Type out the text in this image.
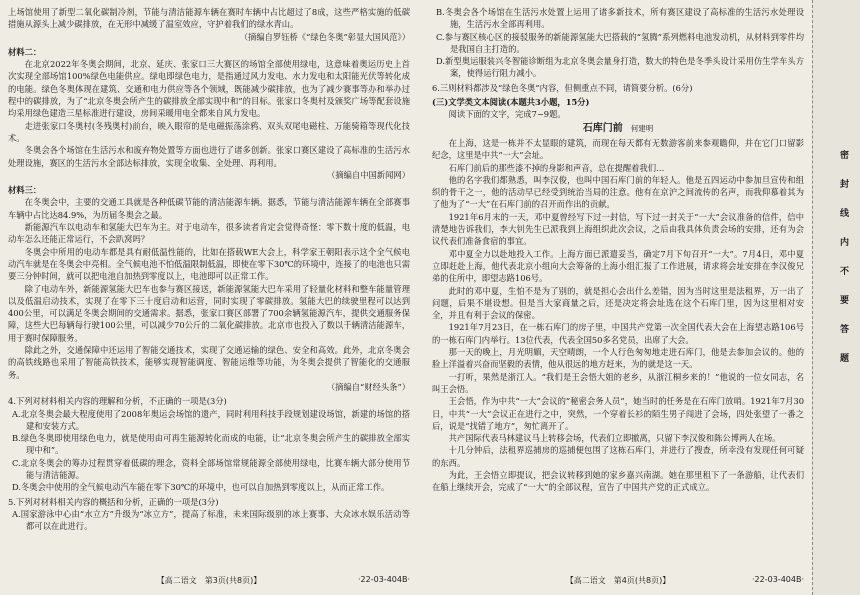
上场馆使用了新型二氧化碳制冷剂，节能与清洁能源车辆在赛时车辆中占比超过了8成，这些严格实施的低碳措施从源头上减少碳排放，在无形中减缓了温室效应，守护着我们的绿水青山。

（摘编自罗钰桥《“绿色冬奥”彰显大国风范》）

材料二：

在北京2022年冬奥会期间，北京、延庆、张家口三大赛区的场馆全部使用绿电，这意味着奥运历史上首次实现全部场馆100%绿色电能供应。绿电即绿色电力，是指通过风力发电、水力发电和太阳能光伏等转化成的电能。绿色冬奥体现在建筑、交通和电力供应等各个领域，既能减少碳排放，也为了减少赛事等办和举办过程中的碳排放，为了“北京冬奥会所产生的碳排放全部实现中和”的目标。张家口冬奥村及颁奖广场等配套设施均采用绿色建造三星标准进行建设，房间采暖用电全都来自风力发电。

走进张家口冬奥村(冬残奥村)前台，映入眼帘的是电磁振荡涂鸦、双头双尾电磁柱、万能骑箱等现代化技术。

冬奥会各个场馆在生活污水和废弃物处置等方面也进行了诸多创新。张家口赛区建设了高标准的生活污水处理设施，赛区的生活污水全部达标排放，实现全收集、全处理、再利用。

（摘编自中国新闻网）

材料三：

在冬奥会中，主要的交通工具就是各种低碳节能的清洁能源车辆。据悉，节能与清洁能源车辆在全部赛事车辆中占比达84.9%，为历届冬奥会之最。

新能源汽车以电动车和氢能大巴车为主。对于电动车，很多读者肯定会觉得奇怪：零下数十度的低温，电动车怎么还能正常运行，不会趴窝吗？

冬奥会中所用的电动车都是具有耐低温性能的，比如在搭载WE大会上，科学家王朝阳表示这个全气候电动汽车就是在冬奥会中亮相。全气候电池不怕低温限制低温，即使在零下30℃的环境中，连接了的电池也只需要三分钟时间，就可以把电池自加热到零度以上，电池即可以正常工作。

除了电动车外，新能源氢能大巴车也参与赛区接送，新能源氢能大巴车采用了轻量化材料和整车能量管理以及低温启动技术，实现了在零下三十度启动和运营，同时实现了零碳排放。氢能大巴的续驶里程可以达到400公里，可以满足冬奥会期间的交通需求。据悉，张家口赛区部署了700余辆氢能源汽车，提供交通服务保障，这些大巴每辆每行驶100公里，可以减少70公斤的二氧化碳排放。北京市也投入了数以千辆清洁能源车，用于赛时保障服务。

除此之外，交通保障中还运用了智能交通技术，实现了交通运输的绿色、安全和高效。此外，北京冬奥会的高铁线路也采用了智能高铁技术，能够实现智能调度、智能运维等功能，为冬奥会提供了智能化的交通服务。

（摘编自“财经头条”）

4.下列对材料相关内容的理解和分析，不正确的一项是(3分)

A.北京冬奥会最大程度使用了2008年奥运会场馆的遗产，同时利用科技手段规划建设场馆，新建的场馆的搭建和安装方式。

B.绿色冬奥即使用绿色电力，就是使用由可再生能源转化而成的电能，让“北京冬奥会所产生的碳排放全部实现中和”。

C.北京冬奥会的筹办过程贯穿着低碳的理念，资料全部场馆常规能源全部使用绿电，比赛车辆大部分使用节能与清洁能源。

D.冬奥会中使用的全气候电动汽车能在零下30℃的环境中，也可以自加热到零度以上，从而正常工作。

5.下列对材料相关内容的概括和分析，正确的一项是(3分)

A.国家游泳中心由“水立方”升级为“冰立方”，提高了标准，未来国际级别的冰上赛事、大众冰水娱乐活动等都可以在此进行。

B.冬奥会各个场馆在生活污水处置上运用了诸多新技术，所有赛区建设了高标准的生活污水处理设施，生活污水全部再利用。

C.参与赛区核心区的接驳服务的新能源氢能大巴搭载的“氢腾”系列燃料电池发动机，从材料到零件均是我国自主打造的。

D.新型奥运服装兴冬智能诊断组为北京冬奥会量身打造，数大的特色是冬季头设计采用仿生学车头方案，使得运行阻力减小。

6.三则材料都涉及“绿色冬奥”内容，但侧重点不同，请简要分析。(6分)

(三)文学类文本阅读(本题共3小题，15分)

阅读下面的文字，完成7~9题。

石库门前 何建明

在上海，这是一栋并不太显眼的建筑，而现在每天都有无数游客前来参观瞻仰，并在它门口留影纪念，这里是中共“一大”会址。

石库门前后的那些漆不掉的身影和声音，总在提醒着我们…

他的名字我们都熟悉，叫李汉俊，也叫中国石库门前的年轻人。他是五四运动中参加旦宣传和组织的骨干之一，他的活动早已经受到统治当局的注意。他有在京沪之间流传的名声，而我仰慕着其为了他为了“一大”在石库门前的召开而作出的贡献。

1921年6月末的一天，邓中夏曾经写下过一封信，写下过一封关于“一大”会议准备的信件，信中清楚地告诉我们，李大钊先生已派我到上海组织此次会议，之后由我具体负责会场的安排，还有为会议代表们准备食宿的事宜。

邓中夏全力以赴地投入工作。上海方面已派遣妥当，确定7月下旬召开“一大”。7月4日，邓中夏立即赶赴上海，他代表北京小组向大会筹备的上海小组汇报了工作进展，请求将会址安排在李汉俊兄弟的住所中，即望志路106号。

此时的邓中夏，生怕不是为了别的，就是担心会出什么差错，因为当时这里是法租界，万一出了问题，后果不堪设想。但是当大家商量之后，还是决定将会址选在这个石库门里，因为这里相对安全，并且有利于会议的保密。

1921年7月23日，在一栋石库门的房子里，中国共产党第一次全国代表大会在上海望志路106号的一栋石库门内举行。13位代表，代表全国50多名党员，出席了大会。

那一天的晚上，月光明媚，天空晴朗，一个人行色匆匆地走进石库门，他是去参加会议的。他的脸上洋溢着兴奋而坚毅的表情，他从很远的地方赶来，为的就是这一天。

一打听，果然是浙江人。“我们是王会悟大姐的老乡，从浙江桐乡来的！”他说的一位女同志，名叫王会悟。

王会悟，作为中共“一大”会议的“秘密会务人员”，她当时的任务是在石库门放哨。1921年7月30日，中共“一大”会议正在进行之中，突然，一个穿着长衫的陌生男子闯进了会场，四处张望了一番之后，说是“找错了地方”，匆忙离开了。

共产国际代表马林建议马上转移会场，代表们立即撤离，只留下李汉俊和陈公博两人在场。

十几分钟后，法租界巡捕房的巡捕便包围了这栋石库门，并进行了搜查，所幸没有发现任何可疑的东西。

为此，王会悟立即提议，把会议转移到她的家乡嘉兴南湖。她在那里租下了一条游船，让代表们在船上继续开会，完成了“一大”的全部议程，宣告了中国共产党的正式成立。

【高二语文　第3页(共8页)】	·22-03-404B·	【高二语文　第4页(共8页)】	·22-03-404B·
密封线内不要答题
